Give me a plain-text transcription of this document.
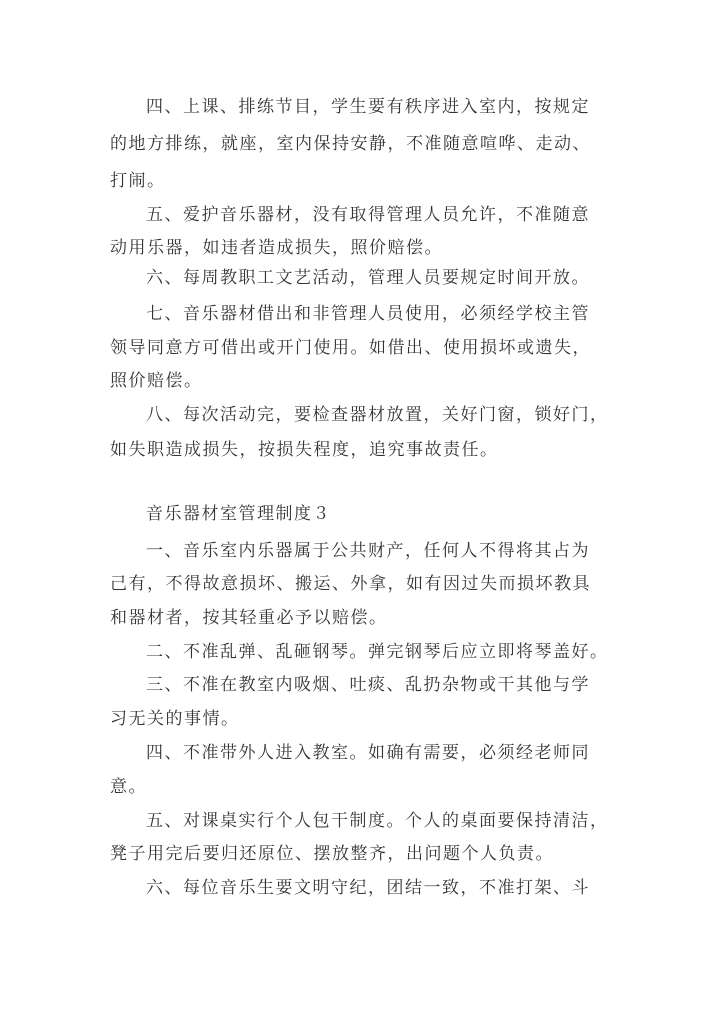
四、上课、排练节目，学生要有秩序进入室内，按规定
的地方排练，就座，室内保持安静，不准随意喧哗、走动、
打闹。
五、爱护音乐器材，没有取得管理人员允许，不准随意
动用乐器，如违者造成损失，照价赔偿。
六、每周教职工文艺活动，管理人员要规定时间开放。
七、音乐器材借出和非管理人员使用，必须经学校主管
领导同意方可借出或开门使用。如借出、使用损坏或遗失，
照价赔偿。
八、每次活动完，要检查器材放置，关好门窗，锁好门，
如失职造成损失，按损失程度，追究事故责任。
音乐器材室管理制度３
一、音乐室内乐器属于公共财产，任何人不得将其占为
己有，不得故意损坏、搬运、外拿，如有因过失而损坏教具
和器材者，按其轻重必予以赔偿。
二、不准乱弹、乱砸钢琴。弹完钢琴后应立即将琴盖好。
三、不准在教室内吸烟、吐痰、乱扔杂物或干其他与学
习无关的事情。
四、不准带外人进入教室。如确有需要，必须经老师同
意。
五、对课桌实行个人包干制度。个人的桌面要保持清洁，
凳子用完后要归还原位、摆放整齐，出问题个人负责。
六、每位音乐生要文明守纪，团结一致，不准打架、斗
